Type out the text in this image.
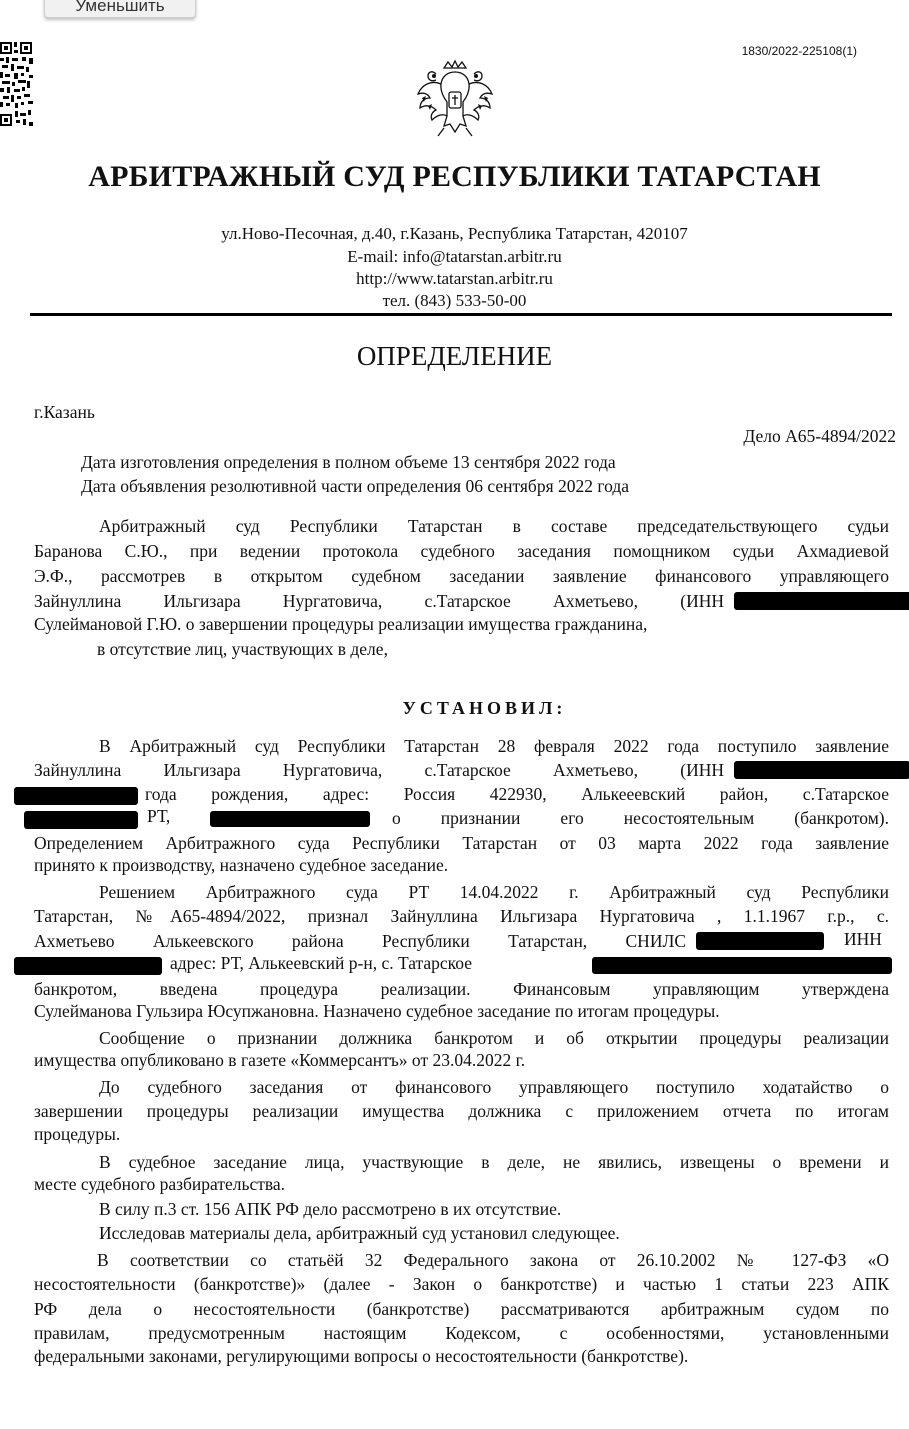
Уменьшить
1830/2022-225108(1)
АРБИТРАЖНЫЙ СУД РЕСПУБЛИКИ ТАТАРСТАН
ул.Ново-Песочная, д.40, г.Казань, Республика Татарстан, 420107
E-mail: info@tatarstan.arbitr.ru
http://www.tatarstan.arbitr.ru
тел. (843) 533-50-00
ОПРЕДЕЛЕНИЕ
г.Казань
Дело А65-4894/2022
Дата изготовления определения в полном объеме 13 сентября 2022 года
Дата объявления резолютивной части определения 06 сентября 2022 года
Арбитражный суд Республики Татарстан в составе председательствующего судьи
Баранова С.Ю., при ведении протокола судебного заседания помощником судьи Ахмадиевой
Э.Ф., рассмотрев в открытом судебном заседании заявление финансового управляющего
Зайнуллина Ильгизара Нургатовича, с.Татарское Ахметьево, (ИНН
Сулеймановой Г.Ю. о завершении процедуры реализации имущества гражданина,
в отсутствие лиц, участвующих в деле,
УСТАНОВИЛ:
В Арбитражный суд Республики Татарстан 28 февраля 2022 года поступило заявление
Зайнуллина Ильгизара Нургатовича, с.Татарское Ахметьево, (ИНН
года рождения, адрес: Россия 422930, Алькееевский район, с.Татарское
РТ,	о признании его несостоятельным (банкротом).
Определением Арбитражного суда Республики Татарстан от 03 марта 2022 года заявление
принято к производству, назначено судебное заседание.
Решением Арбитражного суда РТ 14.04.2022 г. Арбитражный суд Республики
Татарстан, №А65-4894/2022, признал Зайнуллина Ильгизара Нургатовича , 1.1.1967 г.р., с.
Ахметьево Алькеевского района Республики Татарстан, СНИЛС	ИНН
адрес: РТ, Алькеевский р-н, с. Татарское
банкротом, введена процедура реализации. Финансовым управляющим утверждена
Сулейманова Гульзира Юсупжановна. Назначено судебное заседание по итогам процедуры.
Сообщение о признании должника банкротом и об открытии процедуры реализации
имущества опубликовано в газете «Коммерсантъ» от 23.04.2022 г.
До судебного заседания от финансового управляющего поступило ходатайство о
завершении процедуры реализации имущества должника с приложением отчета по итогам
процедуры.
В судебное заседание лица, участвующие в деле, не явились, извещены о времени и
месте судебного разбирательства.
В силу п.3 ст. 156 АПК РФ дело рассмотрено в их отсутствие.
Исследовав материалы дела, арбитражный суд установил следующее.
В соответствии со статьёй 32 Федерального закона от 26.10.2002 № 127-ФЗ «О
несостоятельности (банкротстве)» (далее - Закон о банкротстве) и частью 1 статьи 223 АПК
РФ дела о несостоятельности (банкротстве) рассматриваются арбитражным судом по
правилам, предусмотренным настоящим Кодексом, с особенностями, установленными
федеральными законами, регулирующими вопросы о несостоятельности (банкротстве).
